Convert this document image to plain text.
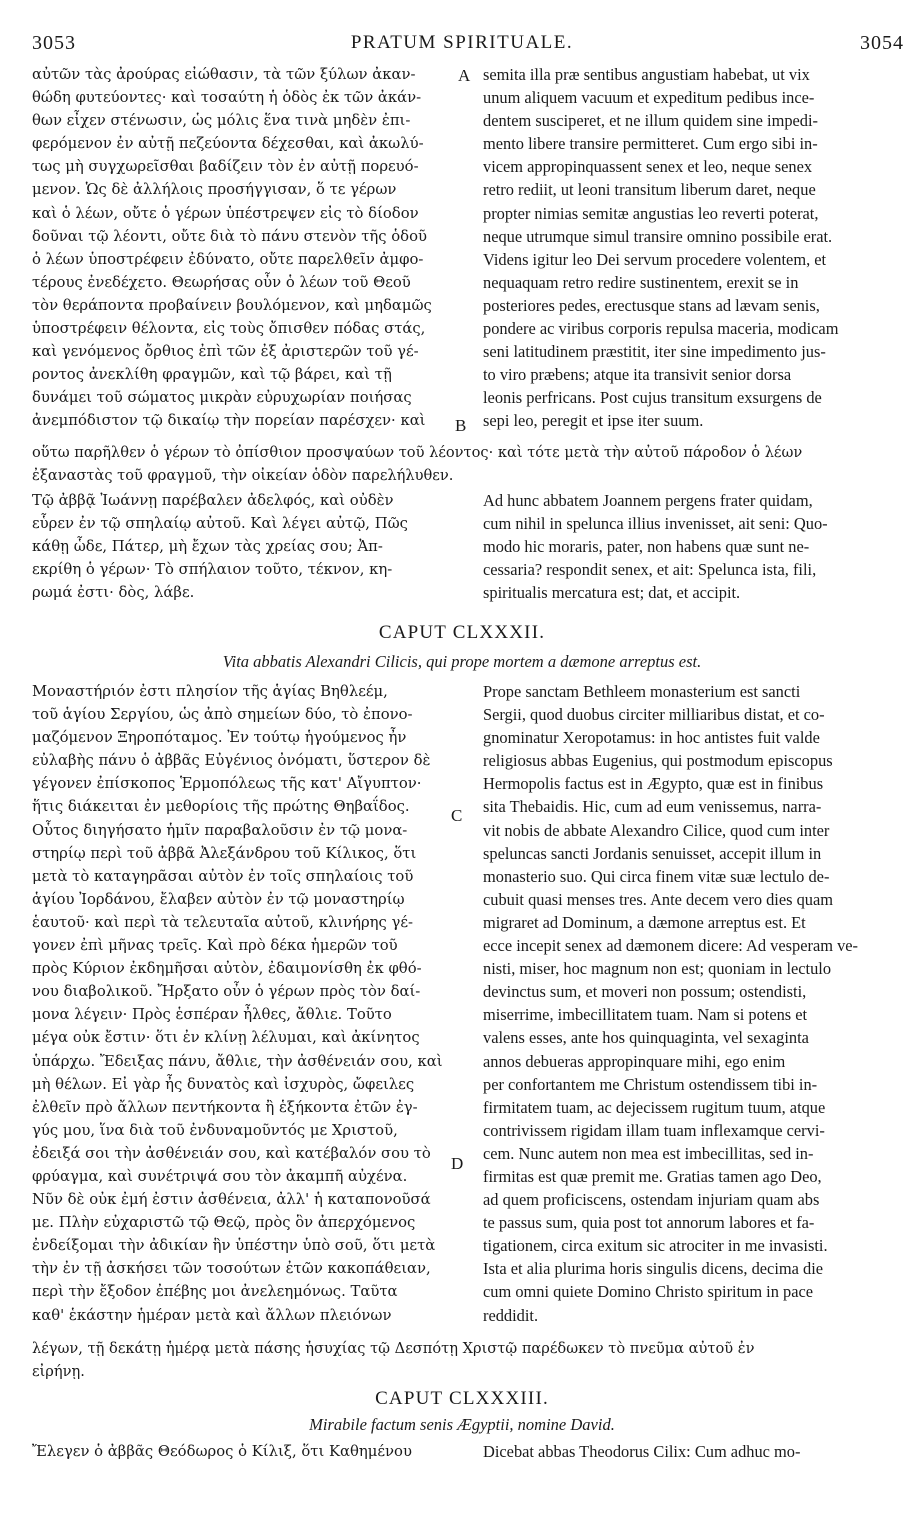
3053	PRATUM SPIRITUALE.	3054
A
B
C
D
αὐτῶν τὰς ἀρούρας εἰώθασιν, τὰ τῶν ξύλων ἀκαν-
θώδη φυτεύοντες· καὶ τοσαύτη ἡ ὁδὸς ἐκ τῶν ἀκάν-
θων εἶχεν στένωσιν, ὡς μόλις ἕνα τινὰ μηδὲν ἐπι-
φερόμενον ἐν αὐτῇ πεζεύοντα δέχεσθαι, καὶ ἀκωλύ-
τως μὴ συγχωρεῖσθαι βαδίζειν τὸν ἐν αὐτῇ πορευό-
μενον. Ὡς δὲ ἀλλήλοις προσήγγισαν, ὅ τε γέρων
καὶ ὁ λέων, οὔτε ὁ γέρων ὑπέστρεψεν εἰς τὸ δίοδον
δοῦναι τῷ λέοντι, οὔτε διὰ τὸ πάνυ στενὸν τῆς ὁδοῦ
ὁ λέων ὑποστρέφειν ἐδύνατο, οὔτε παρελθεῖν ἀμφο-
τέρους ἐνεδέχετο. Θεωρήσας οὖν ὁ λέων τοῦ Θεοῦ
τὸν θεράποντα προβαίνειν βουλόμενον, καὶ μηδαμῶς
ὑποστρέφειν θέλοντα, εἰς τοὺς ὄπισθεν πόδας στάς,
καὶ γενόμενος ὄρθιος ἐπὶ τῶν ἐξ ἀριστερῶν τοῦ γέ-
ροντος ἀνεκλίθη φραγμῶν, καὶ τῷ βάρει, καὶ τῇ
δυνάμει τοῦ σώματος μικρὰν εὐρυχωρίαν ποιήσας
ἀνεμπόδιστον τῷ δικαίῳ τὴν πορείαν παρέσχεν· καὶ
semita illa præ sentibus angustiam habebat, ut vix
unum aliquem vacuum et expeditum pedibus ince-
dentem susciperet, et ne illum quidem sine impedi-
mento libere transire permitteret. Cum ergo sibi in-
vicem appropinquassent senex et leo, neque senex
retro rediit, ut leoni transitum liberum daret, neque
propter nimias semitæ angustias leo reverti poterat,
neque utrumque simul transire omnino possibile erat.
Videns igitur leo Dei servum procedere volentem, et
nequaquam retro redire sustinentem, erexit se in
posteriores pedes, erectusque stans ad lævam senis,
pondere ac viribus corporis repulsa maceria, modicam
seni latitudinem præstitit, iter sine impedimento jus-
to viro præbens; atque ita transivit senior dorsa
leonis perfricans. Post cujus transitum exsurgens de
sepi leo, peregit et ipse iter suum.
οὕτω παρῆλθεν ὁ γέρων τὸ ὀπίσθιον προσψαύων τοῦ λέοντος· καὶ τότε μετὰ τὴν αὐτοῦ πάροδον ὁ λέων
ἐξαναστὰς τοῦ φραγμοῦ, τὴν οἰκείαν ὁδὸν παρελήλυθεν.
Τῷ ἀββᾷ Ἰωάννῃ παρέβαλεν ἀδελφός, καὶ οὐδὲν
εὗρεν ἐν τῷ σπηλαίῳ αὐτοῦ. Καὶ λέγει αὐτῷ, Πῶς
κάθῃ ὧδε, Πάτερ, μὴ ἔχων τὰς χρείας σου; Ἀπ-
εκρίθη ὁ γέρων· Τὸ σπήλαιον τοῦτο, τέκνον, κη-
ρωμά ἐστι· δὸς, λάβε.
Ad hunc abbatem Joannem pergens frater quidam,
cum nihil in spelunca illius invenisset, ait seni: Quo-
modo hic moraris, pater, non habens quæ sunt ne-
cessaria? respondit senex, et ait: Spelunca ista, fili,
spiritualis mercatura est; dat, et accipit.
CAPUT CLXXXII.
Vita abbatis Alexandri Cilicis, qui prope mortem a dæmone arreptus est.
Μοναστήριόν ἐστι πλησίον τῆς ἁγίας Βηθλεέμ,
τοῦ ἁγίου Σεργίου, ὡς ἀπὸ σημείων δύο, τὸ ἐπονο-
μαζόμενον Ξηροπόταμος. Ἐν τούτῳ ἡγούμενος ἦν
εὐλαβὴς πάνυ ὁ ἀββᾶς Εὐγένιος ὀνόματι, ὕστερον δὲ
γέγονεν ἐπίσκοπος Ἑρμοπόλεως τῆς κατ' Αἴγυπτον·
ἥτις διάκειται ἐν μεθορίοις τῆς πρώτης Θηβαΐδος.
Οὗτος διηγήσατο ἡμῖν παραβαλοῦσιν ἐν τῷ μονα-
στηρίῳ περὶ τοῦ ἀββᾶ Ἀλεξάνδρου τοῦ Κίλικος, ὅτι
μετὰ τὸ καταγηρᾶσαι αὐτὸν ἐν τοῖς σπηλαίοις τοῦ
ἁγίου Ἰορδάνου, ἔλαβεν αὐτὸν ἐν τῷ μοναστηρίῳ
ἑαυτοῦ· καὶ περὶ τὰ τελευταῖα αὐτοῦ, κλινήρης γέ-
γονεν ἐπὶ μῆνας τρεῖς. Καὶ πρὸ δέκα ἡμερῶν τοῦ
πρὸς Κύριον ἐκδημῆσαι αὐτὸν, ἐδαιμονίσθη ἐκ φθό-
νου διαβολικοῦ. Ἤρξατο οὖν ὁ γέρων πρὸς τὸν δαί-
μονα λέγειν· Πρὸς ἑσπέραν ἦλθες, ἄθλιε. Τοῦτο
μέγα οὐκ ἔστιν· ὅτι ἐν κλίνῃ λέλυμαι, καὶ ἀκίνητος
ὑπάρχω. Ἔδειξας πάνυ, ἄθλιε, τὴν ἀσθένειάν σου, καὶ
μὴ θέλων. Εἰ γὰρ ἦς δυνατὸς καὶ ἰσχυρὸς, ὤφειλες
ἐλθεῖν πρὸ ἄλλων πεντήκοντα ἢ ἑξήκοντα ἐτῶν ἐγ-
γύς μου, ἵνα διὰ τοῦ ἐνδυναμοῦντός με Χριστοῦ,
ἐδειξά σοι τὴν ἀσθένειάν σου, καὶ κατέβαλόν σου τὸ
φρύαγμα, καὶ συνέτριψά σου τὸν ἀκαμπῆ αὐχένα.
Νῦν δὲ οὐκ ἐμή ἐστιν ἀσθένεια, ἀλλ' ἡ καταπονοῦσά
με. Πλὴν εὐχαριστῶ τῷ Θεῷ, πρὸς ὃν ἀπερχόμενος
ἐνδείξομαι τὴν ἀδικίαν ἣν ὑπέστην ὑπὸ σοῦ, ὅτι μετὰ
τὴν ἐν τῇ ἀσκήσει τῶν τοσούτων ἐτῶν κακοπάθειαν,
περὶ τὴν ἔξοδον ἐπέβης μοι ἀνελεημόνως. Ταῦτα
καθ' ἑκάστην ἡμέραν μετὰ καὶ ἄλλων πλειόνων
Prope sanctam Bethleem monasterium est sancti
Sergii, quod duobus circiter milliaribus distat, et co-
gnominatur Xeropotamus: in hoc antistes fuit valde
religiosus abbas Eugenius, qui postmodum episcopus
Hermopolis factus est in Ægypto, quæ est in finibus
sita Thebaidis. Hic, cum ad eum venissemus, narra-
vit nobis de abbate Alexandro Cilice, quod cum inter
speluncas sancti Jordanis senuisset, accepit illum in
monasterio suo. Qui circa finem vitæ suæ lectulo de-
cubuit quasi menses tres. Ante decem vero dies quam
migraret ad Dominum, a dæmone arreptus est. Et
ecce incepit senex ad dæmonem dicere: Ad vesperam ve-
nisti, miser, hoc magnum non est; quoniam in lectulo
devinctus sum, et moveri non possum; ostendisti,
miserrime, imbecillitatem tuam. Nam si potens et
valens esses, ante hos quinquaginta, vel sexaginta
annos debueras appropinquare mihi, ego enim
per confortantem me Christum ostendissem tibi in-
firmitatem tuam, ac dejecissem rugitum tuum, atque
contrivissem rigidam illam tuam inflexamque cervi-
cem. Nunc autem non mea est imbecillitas, sed in-
firmitas est quæ premit me. Gratias tamen ago Deo,
ad quem proficiscens, ostendam injuriam quam abs
te passus sum, quia post tot annorum labores et fa-
tigationem, circa exitum sic atrociter in me invasisti.
Ista et alia plurima horis singulis dicens, decima die
cum omni quiete Domino Christo spiritum in pace
reddidit.
λέγων, τῇ δεκάτῃ ἡμέρᾳ μετὰ πάσης ἡσυχίας τῷ Δεσπότῃ Χριστῷ παρέδωκεν τὸ πνεῦμα αὐτοῦ ἐν
εἰρήνῃ.
CAPUT CLXXXIII.
Mirabile factum senis Ægyptii, nomine David.
Ἔλεγεν ὁ ἀββᾶς Θεόδωρος ὁ Κίλιξ, ὅτι Καθημένου	Dicebat abbas Theodorus Cilix: Cum adhuc mo-
